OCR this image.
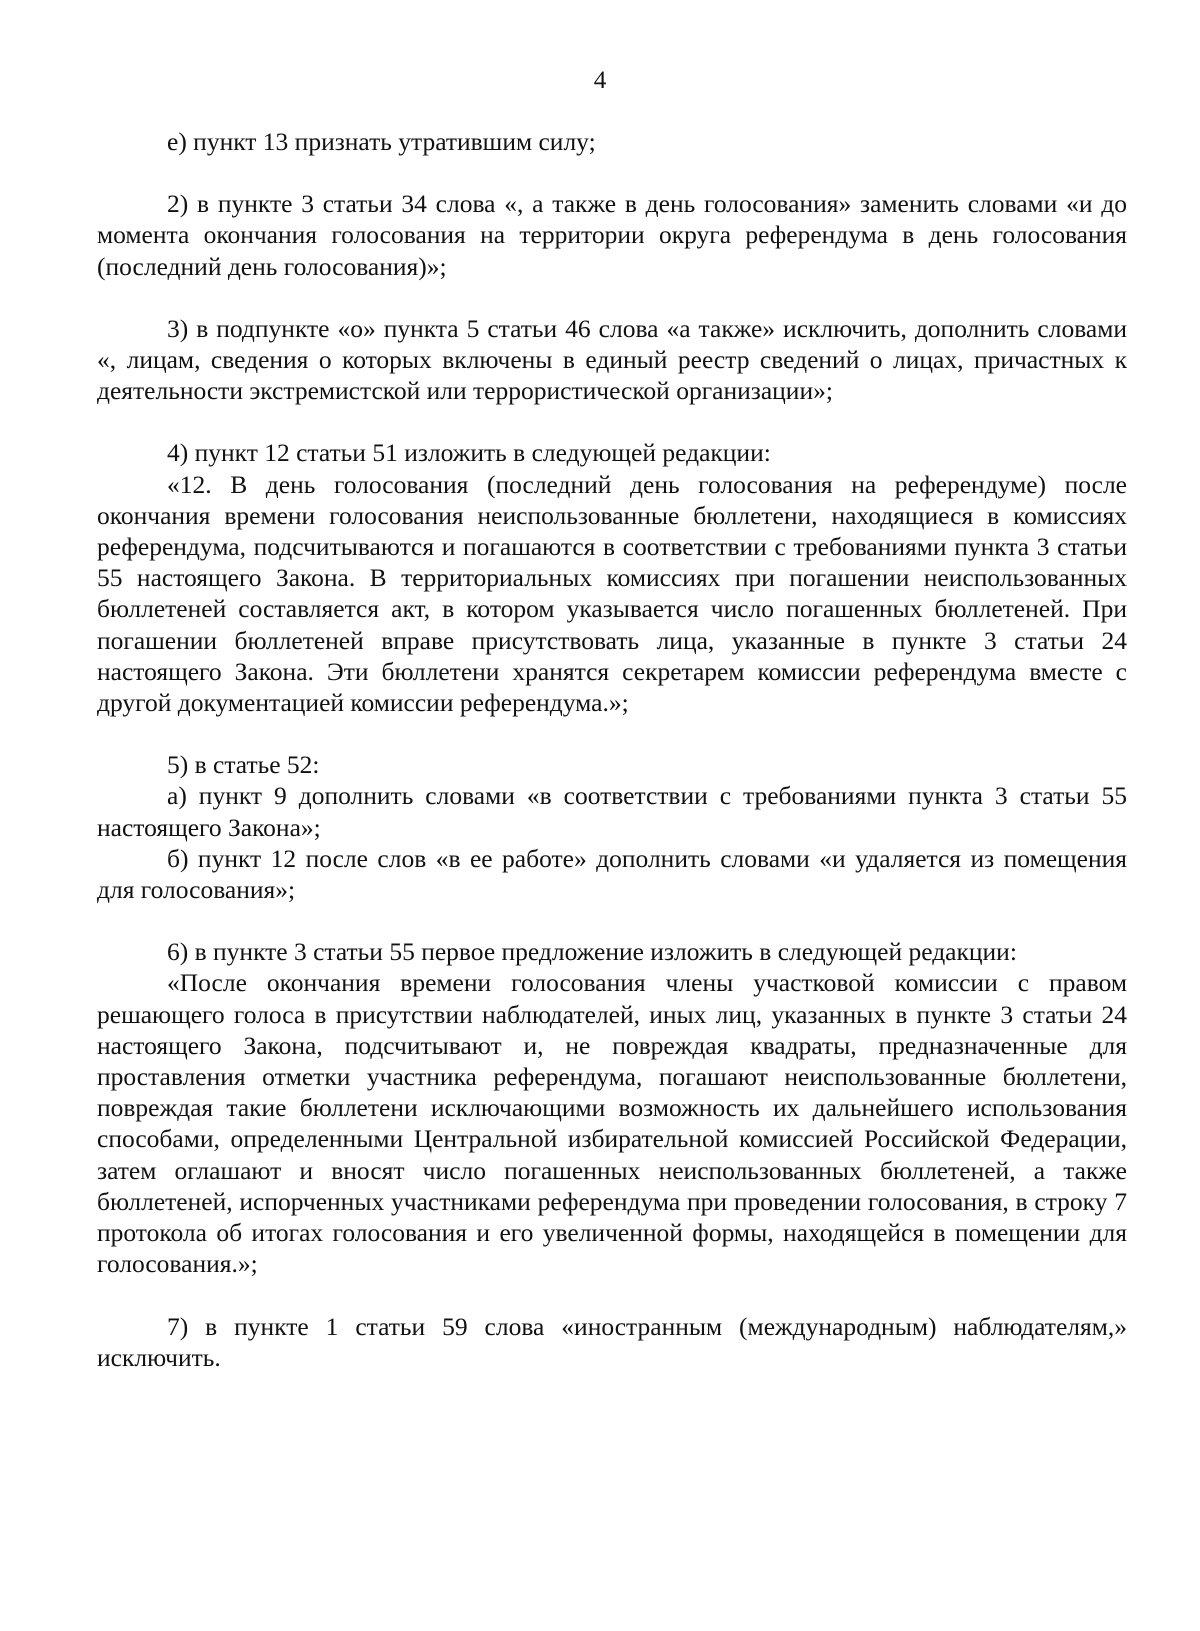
4

е) пункт 13 признать утратившим силу;

2) в пункте 3 статьи 34 слова «, а также в день голосования» заменить словами «и до момента окончания голосования на территории округа референдума в день голосования (последний день голосования)»;

3) в подпункте «о» пункта 5 статьи 46 слова «а также» исключить, дополнить словами «, лицам, сведения о которых включены в единый реестр сведений о лицах, причастных к деятельности экстремистской или террористической организации»;

4) пункт 12 статьи 51 изложить в следующей редакции:

«12. В день голосования (последний день голосования на референдуме) после окончания времени голосования неиспользованные бюллетени, находящиеся в комиссиях референдума, подсчитываются и погашаются в соответствии с требованиями пункта 3 статьи 55 настоящего Закона. В территориальных комиссиях при погашении неиспользованных бюллетеней составляется акт, в котором указывается число погашенных бюллетеней. При погашении бюллетеней вправе присутствовать лица, указанные в пункте 3 статьи 24 настоящего Закона. Эти бюллетени хранятся секретарем комиссии референдума вместе с другой документацией комиссии референдума.»;

5) в статье 52:

а) пункт 9 дополнить словами «в соответствии с требованиями пункта 3 статьи 55 настоящего Закона»;

б) пункт 12 после слов «в ее работе» дополнить словами «и удаляется из помещения для голосования»;

6) в пункте 3 статьи 55 первое предложение изложить в следующей редакции:

«После окончания времени голосования члены участковой комиссии с правом решающего голоса в присутствии наблюдателей, иных лиц, указанных в пункте 3 статьи 24 настоящего Закона, подсчитывают и, не повреждая квадраты, предназначенные для проставления отметки участника референдума, погашают неиспользованные бюллетени, повреждая такие бюллетени исключающими возможность их дальнейшего использования способами, определенными Центральной избирательной комиссией Российской Федерации, затем оглашают и вносят число погашенных неиспользованных бюллетеней, а также бюллетеней, испорченных участниками референдума при проведении голосования, в строку 7 протокола об итогах голосования и его увеличенной формы, находящейся в помещении для голосования.»;

7) в пункте 1 статьи 59 слова «иностранным (международным) наблюдателям,» исключить.
